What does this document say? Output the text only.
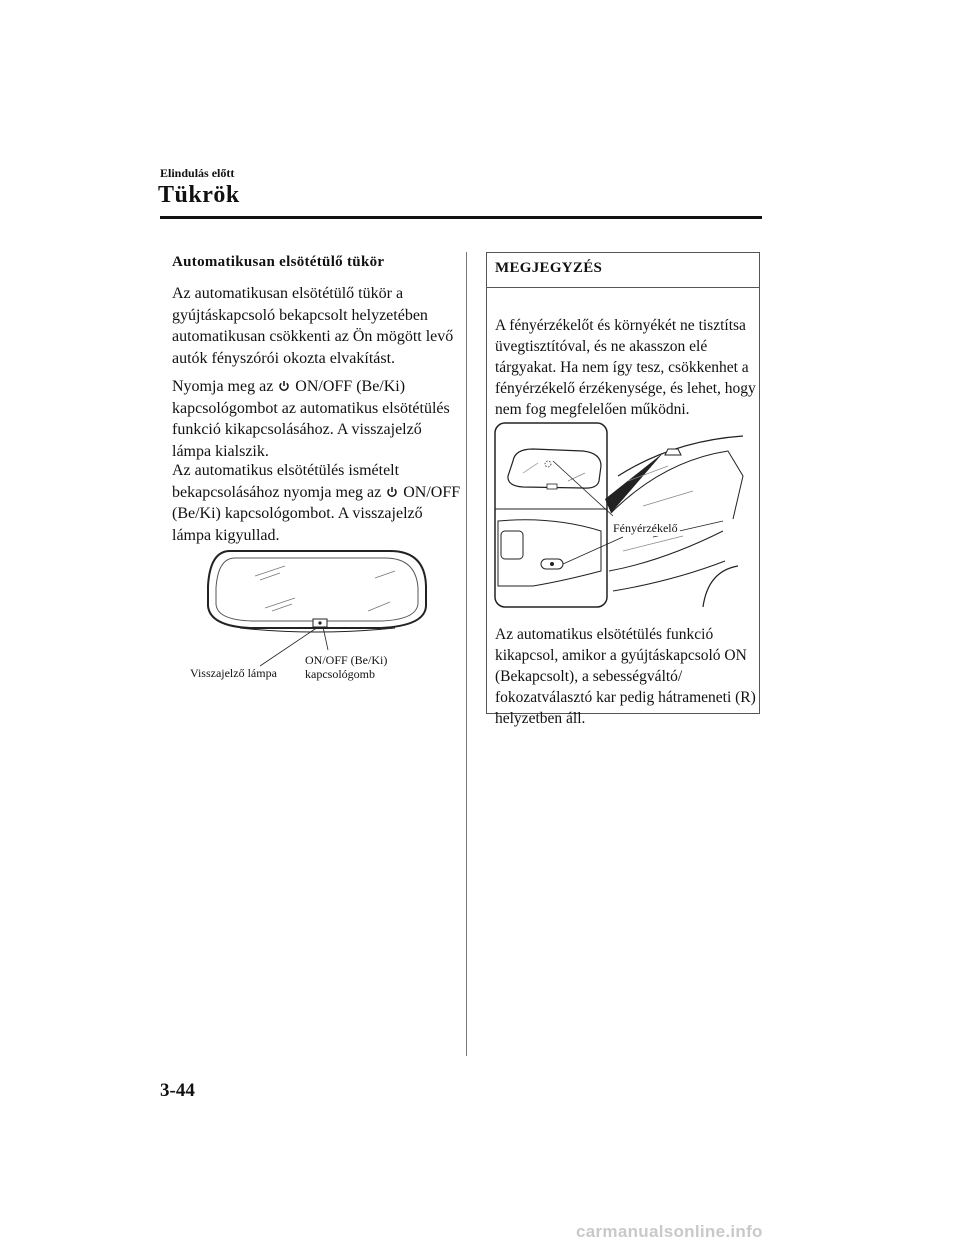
Elindulás előtt
Tükrök
Automatikusan elsötétülő tükör
Az automatikusan elsötétülő tükör a gyújtáskapcsoló bekapcsolt helyzetében automatikusan csökkenti az Ön mögött levő autók fényszórói okozta elvakítást.
Nyomja meg az ON/OFF (Be/Ki) kapcsológombot az automatikus elsötétülés funkció kikapcsolásához. A visszajelző lámpa kialszik.
Az automatikus elsötétülés ismételt bekapcsolásához nyomja meg az ON/OFF (Be/Ki) kapcsológombot. A visszajelző lámpa kigyullad.
Visszajelző lámpa
ON/OFF (Be/Ki)
kapcsológomb
MEGJEGYZÉS
A fényérzékelőt és környékét ne tisztítsa üvegtisztítóval, és ne akasszon elé tárgyakat. Ha nem így tesz, csökkenhet a fényérzékelő érzékenysége, és lehet, hogy nem fog megfelelően működni.
Fényérzékelő
Az automatikus elsötétülés funkció kikapcsol, amikor a gyújtáskapcsoló ON (Bekapcsolt), a sebességváltó/ fokozatválasztó kar pedig hátrameneti (R) helyzetben áll.
3-44
carmanualsonline.info
